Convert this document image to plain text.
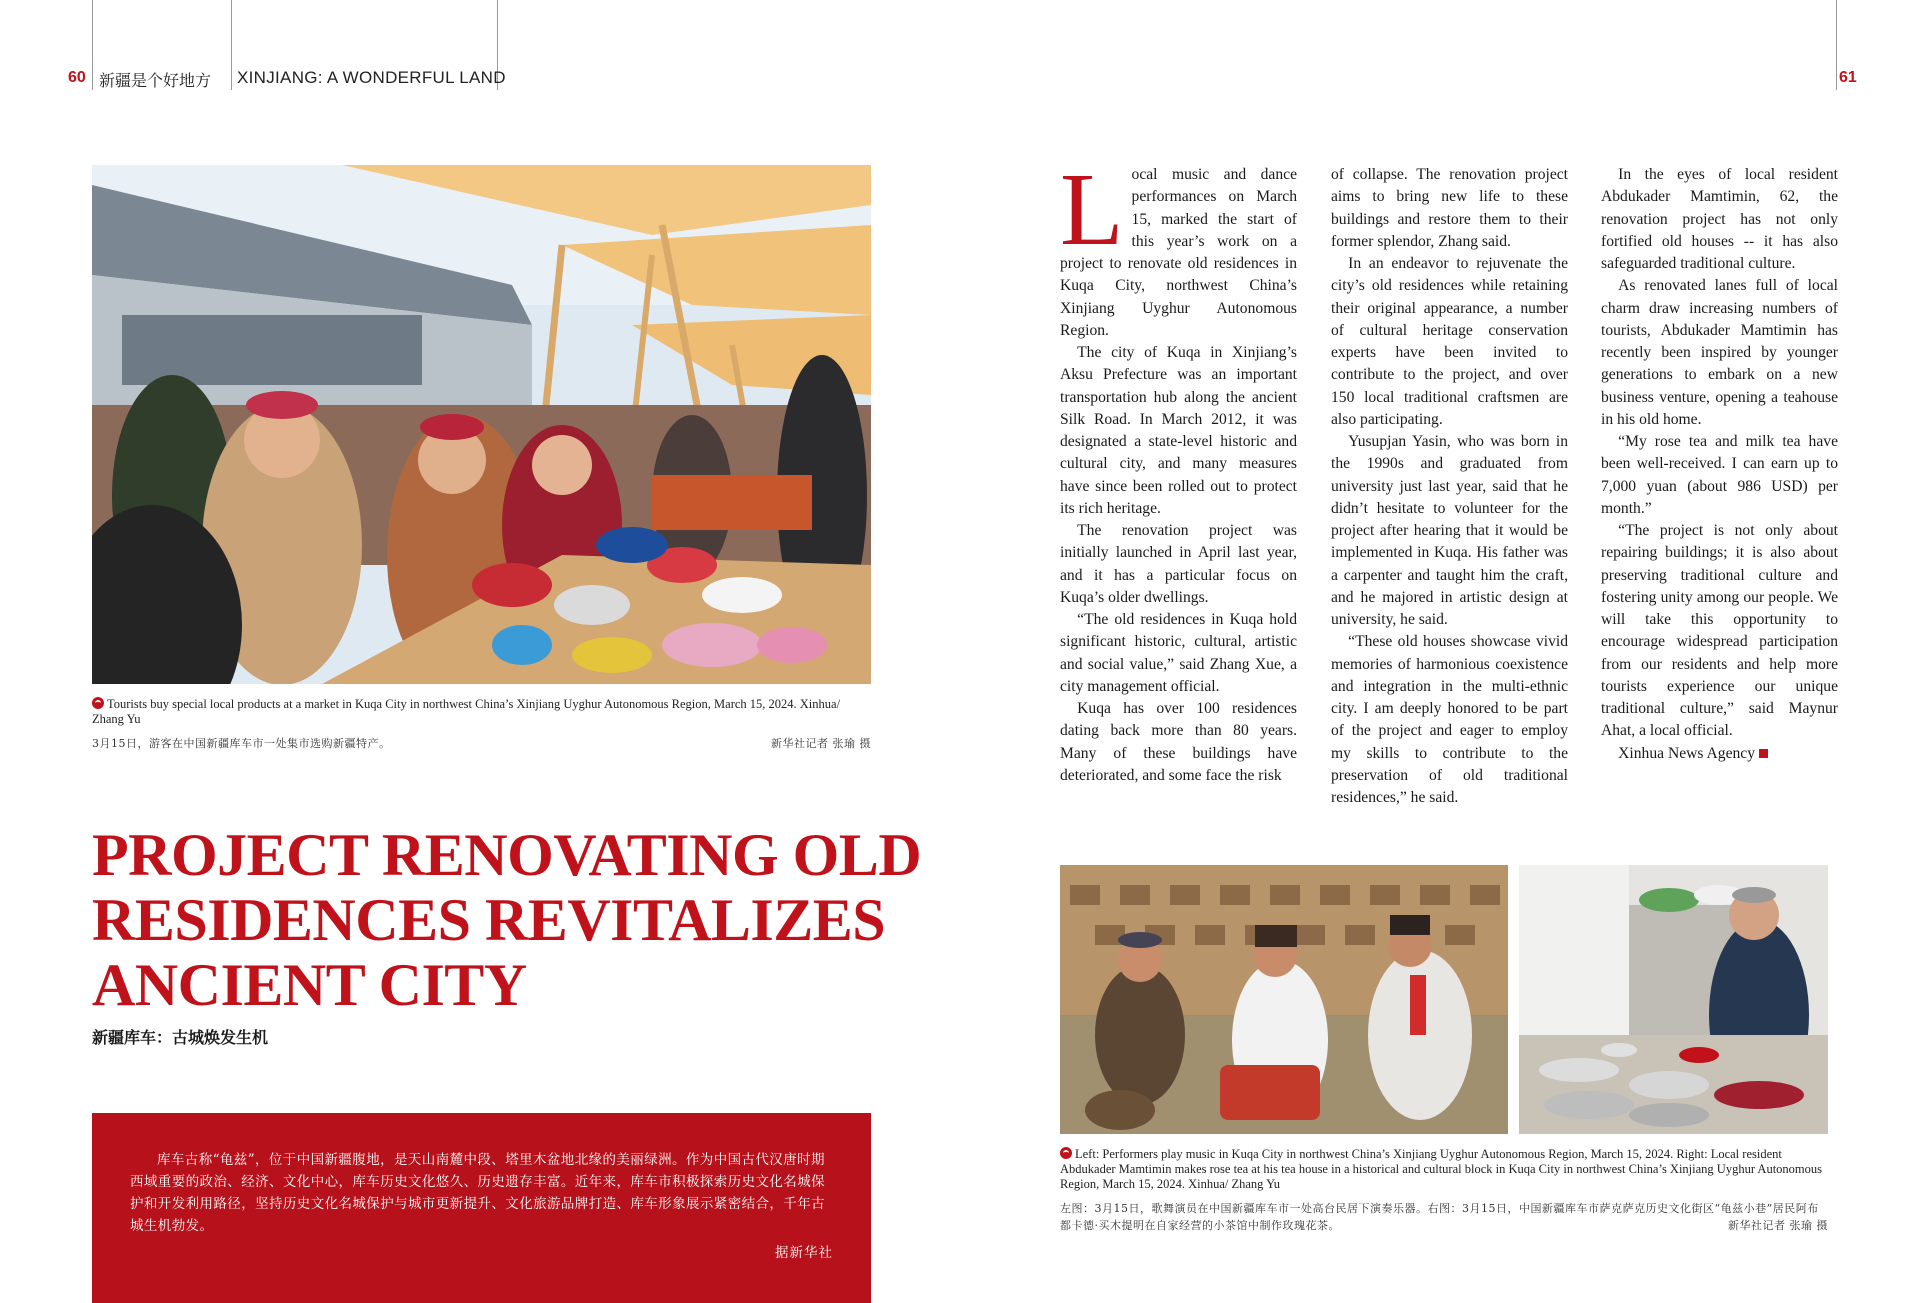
60 新疆是个好地方 XINJIANG: A WONDERFUL LAND
Tourists buy special local products at a market in Kuqa City in northwest China’s Xinjiang Uyghur Autonomous Region, March 15, 2024. Xinhua/ Zhang Yu
3月15日，游客在中国新疆库车市一处集市选购新疆特产。	新华社记者 张瑜 摄
PROJECT RENOVATING OLD
RESIDENCES REVITALIZES
ANCIENT CITY
新疆库车：古城焕发生机
库车古称“龟兹”，位于中国新疆腹地，是天山南麓中段、塔里木盆地北缘的美丽绿洲。作为中国古代汉唐时期西域重要的政治、经济、文化中心，库车历史文化悠久、历史遗存丰富。近年来，库车市积极探索历史文化名城保护和开发利用路径，坚持历史文化名城保护与城市更新提升、文化旅游品牌打造、库车形象展示紧密结合，千年古城生机勃发。
据新华社
61

Local music and dance performances on March 15, marked the start of this year’s work on a project to renovate old residences in Kuqa City, northwest China’s Xinjiang Uyghur Autonomous Region.

The city of Kuqa in Xinjiang’s Aksu Prefecture was an important transportation hub along the ancient Silk Road. In March 2012, it was designated a state-level historic and cultural city, and many measures have since been rolled out to protect its rich heritage.

The renovation project was initially launched in April last year, and it has a particular focus on Kuqa’s older dwellings.

“The old residences in Kuqa hold significant historic, cultural, artistic and social value,” said Zhang Xue, a city management official.

Kuqa has over 100 residences dating back more than 80 years. Many of these buildings have deteriorated, and some face the risk

of collapse. The renovation project aims to bring new life to these buildings and restore them to their former splendor, Zhang said.

In an endeavor to rejuvenate the city’s old residences while retaining their original appearance, a number of cultural heritage conservation experts have been invited to contribute to the project, and over 150 local traditional craftsmen are also participating.

Yusupjan Yasin, who was born in the 1990s and graduated from university just last year, said that he didn’t hesitate to volunteer for the project after hearing that it would be implemented in Kuqa. His father was a carpenter and taught him the craft, and he majored in artistic design at university, he said.

“These old houses showcase vivid memories of harmonious coexistence and integration in the multi-ethnic city. I am deeply honored to be part of the project and eager to employ my skills to contribute to the preservation of old traditional residences,” he said.

In the eyes of local resident Abdukader Mamtimin, 62, the renovation project has not only fortified old houses -- it has also safeguarded traditional culture.

As renovated lanes full of local charm draw increasing numbers of tourists, Abdukader Mamtimin has recently been inspired by younger generations to embark on a new business venture, opening a teahouse in his old home.

“My rose tea and milk tea have been well-received. I can earn up to 7,000 yuan (about 986 USD) per month.”

“The project is not only about repairing buildings; it is also about preserving traditional culture and fostering unity among our people. We will take this opportunity to encourage widespread participation from our residents and help more tourists experience our unique traditional culture,” said Maynur Ahat, a local official.

Xinhua News Agency

Left: Performers play music in Kuqa City in northwest China’s Xinjiang Uyghur Autonomous Region, March 15, 2024. Right: Local resident Abdukader Mamtimin makes rose tea at his tea house in a historical and cultural block in Kuqa City in northwest China’s Xinjiang Uyghur Autonomous Region, March 15, 2024. Xinhua/ Zhang Yu
左图：3月15日，歌舞演员在中国新疆库车市一处高台民居下演奏乐器。右图：3月15日，中国新疆库车市萨克萨克历史文化街区“龟兹小巷”居民阿布都卡德·买木提明在自家经营的小茶馆中制作玫瑰花茶。	新华社记者 张瑜 摄
